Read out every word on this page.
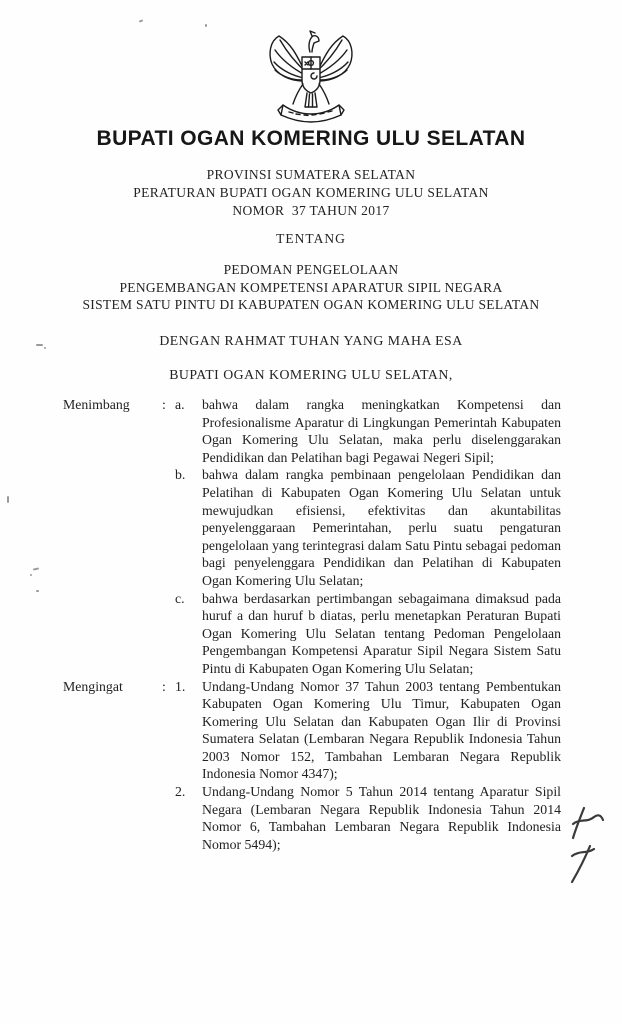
BUPATI OGAN KOMERING ULU SELATAN
PROVINSI SUMATERA SELATAN
PERATURAN BUPATI OGAN KOMERING ULU SELATAN
NOMOR  37 TAHUN 2017
TENTANG
PEDOMAN PENGELOLAAN
PENGEMBANGAN KOMPETENSI APARATUR SIPIL NEGARA
SISTEM SATU PINTU DI KABUPATEN OGAN KOMERING ULU SELATAN
DENGAN RAHMAT TUHAN YANG MAHA ESA
BUPATI OGAN KOMERING ULU SELATAN,
Menimbang	: a.	bahwa dalam rangka meningkatkan Kompetensi dan Profesionalisme Aparatur di Lingkungan Pemerintah Kabupaten Ogan Komering Ulu Selatan, maka perlu diselenggarakan Pendidikan dan Pelatihan bagi Pegawai Negeri Sipil;
b.	bahwa dalam rangka pembinaan pengelolaan Pendidikan dan Pelatihan di Kabupaten Ogan Komering Ulu Selatan untuk mewujudkan efisiensi, efektivitas dan akuntabilitas penyelenggaraan Pemerintahan, perlu suatu pengaturan pengelolaan yang terintegrasi dalam Satu Pintu sebagai pedoman bagi penyelenggara Pendidikan dan Pelatihan di Kabupaten Ogan Komering Ulu Selatan;
c.	bahwa berdasarkan pertimbangan sebagaimana dimaksud pada huruf a dan huruf b diatas, perlu menetapkan Peraturan Bupati Ogan Komering Ulu Selatan tentang Pedoman Pengelolaan Pengembangan Kompetensi Aparatur Sipil Negara Sistem Satu Pintu di Kabupaten Ogan Komering Ulu Selatan;
Mengingat	: 1.	Undang-Undang Nomor 37 Tahun 2003 tentang Pembentukan Kabupaten Ogan Komering Ulu Timur, Kabupaten Ogan Komering Ulu Selatan dan Kabupaten Ogan Ilir di Provinsi Sumatera Selatan (Lembaran Negara Republik Indonesia Tahun 2003 Nomor 152, Tambahan Lembaran Negara Republik Indonesia Nomor 4347);
2.	Undang-Undang Nomor 5 Tahun 2014 tentang Aparatur Sipil Negara (Lembaran Negara Republik Indonesia Tahun 2014 Nomor 6, Tambahan Lembaran Negara Republik Indonesia Nomor 5494);
